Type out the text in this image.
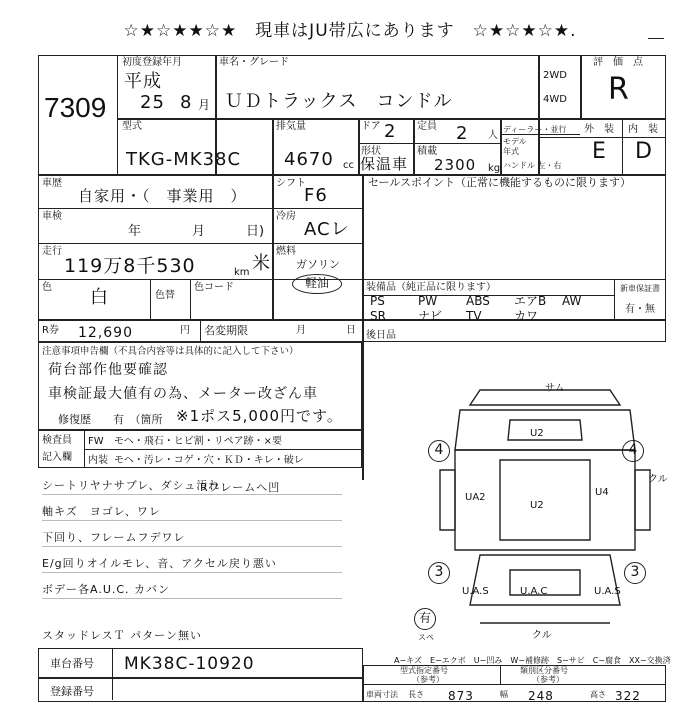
☆★☆★★☆★　現車はJU帯広にあります　☆★☆★☆★.
7309
初度登録年月
平成
25 8 月
車名・グレード
ＵＤトラックス　コンドル
2WD
4WD
評　価　点
R
外　装 内　装
E D
型式
TKG-MK38C
排気量
4670 cc
ドア 2 定員 2 人
形状
保温車
積載
2300 kg
ディーラー・並行
モデル
年式
ハンドル 左・右
車歴
自家用・（　事業用　）
シフト
F6
セールスポイント（正常に機能するものに限ります）
車検
年	月	日)
冷房
ACレ
走行
119万8千530	km 米
燃料
ガソリン
軽油	装備品（純正品に限ります）	新車保証書
有・無
PS	PW ABS エアB AW
SR	ナビ TV	カワ
色 白	色替
色コード
R券 12,690	円 名変期限	月	日 後日品
注意事項申告欄（不具合内容等は具体的に記入して下さい）
荷台部作他要確認
車検証最大値有の為、メーター改ざん車
修復歴　　有　（箇所 ※1ポス5,000円です。
検査員
記入欄
FW モヘ・飛石・ヒビ割・リペア跡・×要
内装 モヘ・汚レ・コゲ・穴・ＫＤ・キレ・破レ
シートリヤナサブレ、ダシュ汚れ
軸キズ　ヨゴレ、ワレ
下回り、フレームフデワレ
E/g回りオイルモレ、音、アクセル戻り悪い
ボデー各A.U.C. カバン
スタッドレスＴ パターン無い
Rフレームへ凹
サム
U2
4	4
UA2
U2
U4
クル
3	3
U.A.S	U.A.C	U.A.S
クル
有
スペ
A−キズ　E−エクボ　U−凹み　W−補修跡　S−サビ　C−腐食　XX−交換済
車台番号 MK38C-10920
登録番号
類別区分番号
（参考）
型式指定番号
（参考）
車両寸法 長さ 873	幅 248	高さ 322
